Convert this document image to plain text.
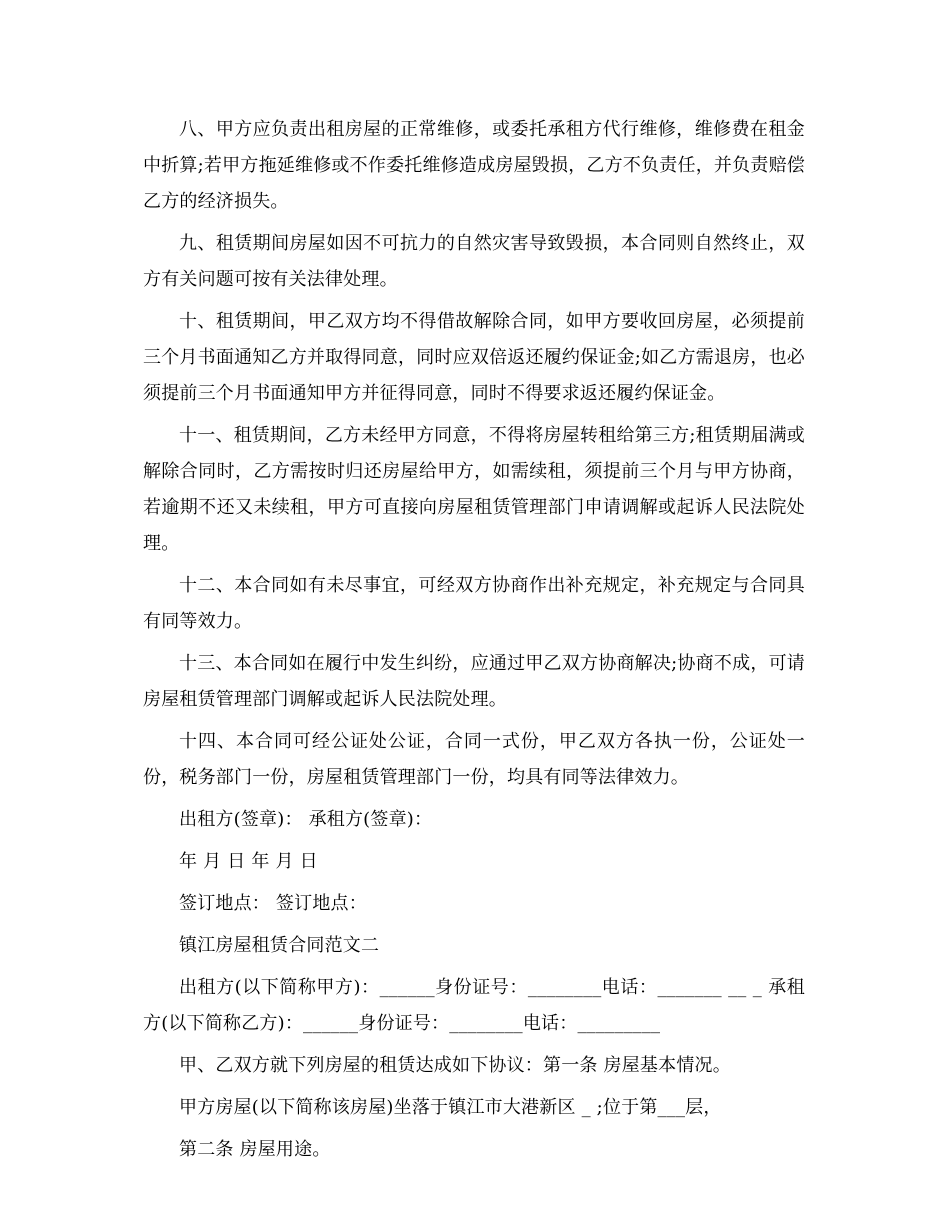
八、甲方应负责出租房屋的正常维修，或委托承租方代行维修，维修费在租金中折算;若甲方拖延维修或不作委托维修造成房屋毁损，乙方不负责任，并负责赔偿乙方的经济损失。

九、租赁期间房屋如因不可抗力的自然灾害导致毁损，本合同则自然终止，双方有关问题可按有关法律处理。

十、租赁期间，甲乙双方均不得借故解除合同，如甲方要收回房屋，必须提前三个月书面通知乙方并取得同意，同时应双倍返还履约保证金;如乙方需退房，也必须提前三个月书面通知甲方并征得同意，同时不得要求返还履约保证金。

十一、租赁期间，乙方未经甲方同意，不得将房屋转租给第三方;租赁期届满或解除合同时，乙方需按时归还房屋给甲方，如需续租，须提前三个月与甲方协商，若逾期不还又未续租，甲方可直接向房屋租赁管理部门申请调解或起诉人民法院处理。

十二、本合同如有未尽事宜，可经双方协商作出补充规定，补充规定与合同具有同等效力。

十三、本合同如在履行中发生纠纷，应通过甲乙双方协商解决;协商不成，可请房屋租赁管理部门调解或起诉人民法院处理。

十四、本合同可经公证处公证，合同一式份，甲乙双方各执一份，公证处一份，税务部门一份，房屋租赁管理部门一份，均具有同等法律效力。

出租方(签章)： 承租方(签章)：

年 月 日 年 月 日

签订地点： 签订地点：

镇江房屋租赁合同范文二

出租方(以下简称甲方)：______身份证号：________电话：_______ __ _ 承租方(以下简称乙方)：______身份证号：________电话：_________

甲、乙双方就下列房屋的租赁达成如下协议：第一条 房屋基本情况。

甲方房屋(以下简称该房屋)坐落于镇江市大港新区 _ ;位于第___层，

第二条 房屋用途。
